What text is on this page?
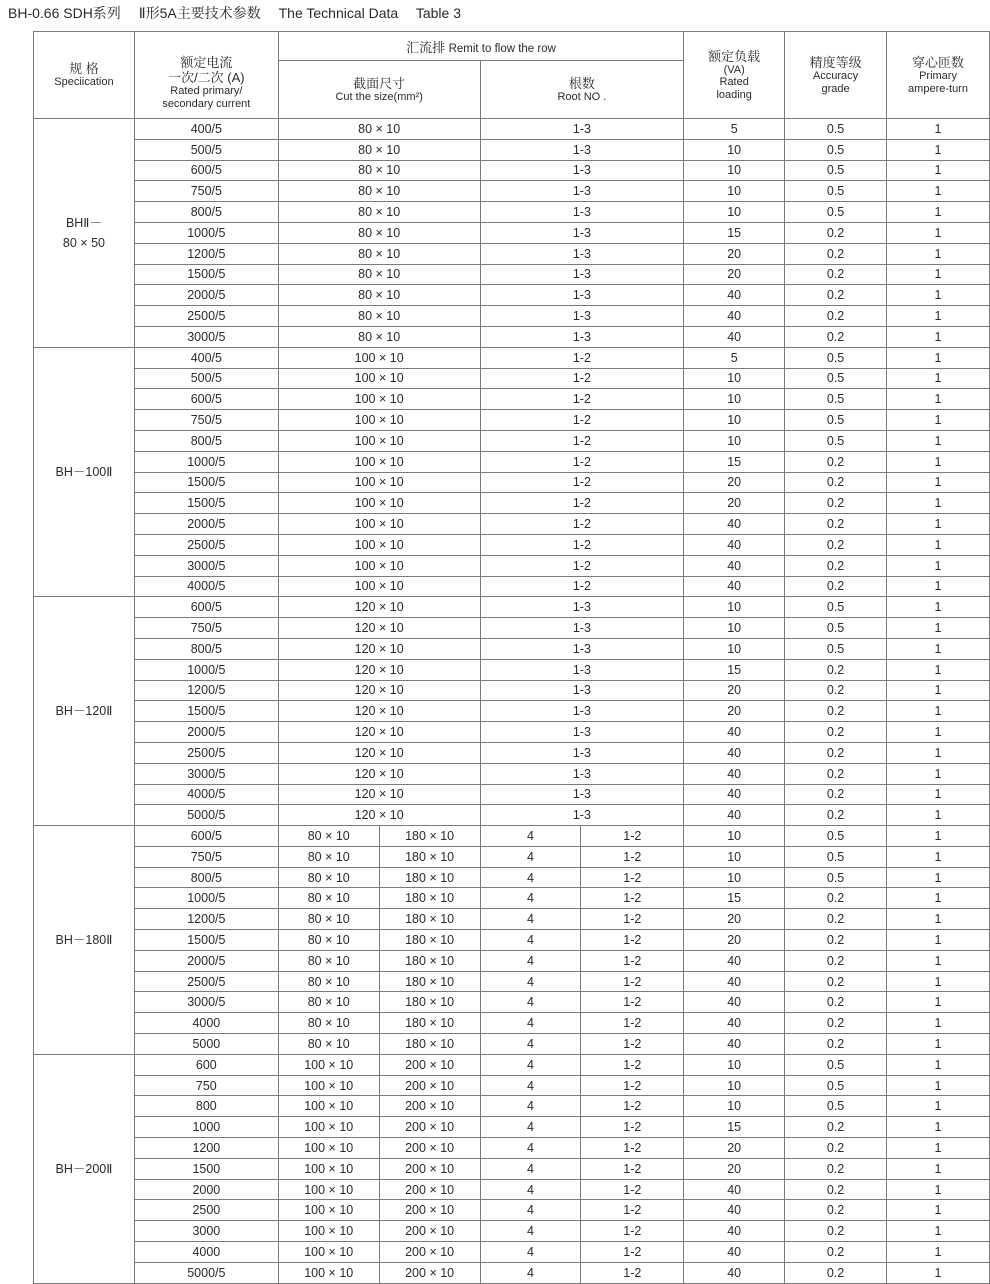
BH-0.66 SDH系列 Ⅱ形5A主要技术参数 The Technical Data Table 3
规 格
Speciication	额定电流
一次/二次 (A)
Rated primary/
secondary current	汇流排 Remit to flow the row				额定负载
(VA)
Rated
loading	精度等级
Accuracy
grade	穿心匝数
Primary
ampere-turn

		截面尺寸
Cut the size(mm²)		根数
Root NO .				

BHⅡ－
80 × 50	400/5	80 × 10		1-3		5	0.5	1
	500/5	80 × 10		1-3		10	0.5	1
	600/5	80 × 10		1-3		10	0.5	1
	750/5	80 × 10		1-3		10	0.5	1
	800/5	80 × 10		1-3		10	0.5	1
	1000/5	80 × 10		1-3		15	0.2	1
	1200/5	80 × 10		1-3		20	0.2	1
	1500/5	80 × 10		1-3		20	0.2	1
	2000/5	80 × 10		1-3		40	0.2	1
	2500/5	80 × 10		1-3		40	0.2	1
	3000/5	80 × 10		1-3		40	0.2	1
BH－100Ⅱ	400/5	100 × 10		1-2		5	0.5	1
	500/5	100 × 10		1-2		10	0.5	1
	600/5	100 × 10		1-2		10	0.5	1
	750/5	100 × 10		1-2		10	0.5	1
	800/5	100 × 10		1-2		10	0.5	1
	1000/5	100 × 10		1-2		15	0.2	1
	1500/5	100 × 10		1-2		20	0.2	1
	1500/5	100 × 10		1-2		20	0.2	1
	2000/5	100 × 10		1-2		40	0.2	1
	2500/5	100 × 10		1-2		40	0.2	1
	3000/5	100 × 10		1-2		40	0.2	1
	4000/5	100 × 10		1-2		40	0.2	1
BH－120Ⅱ	600/5	120 × 10		1-3		10	0.5	1
	750/5	120 × 10		1-3		10	0.5	1
	800/5	120 × 10		1-3		10	0.5	1
	1000/5	120 × 10		1-3		15	0.2	1
	1200/5	120 × 10		1-3		20	0.2	1
	1500/5	120 × 10		1-3		20	0.2	1
	2000/5	120 × 10		1-3		40	0.2	1
	2500/5	120 × 10		1-3		40	0.2	1
	3000/5	120 × 10		1-3		40	0.2	1
	4000/5	120 × 10		1-3		40	0.2	1
	5000/5	120 × 10		1-3		40	0.2	1
BH－180Ⅱ	600/5	80 × 10	180 × 10	4	1-2	10	0.5	1
	750/5	80 × 10	180 × 10	4	1-2	10	0.5	1
	800/5	80 × 10	180 × 10	4	1-2	10	0.5	1
	1000/5	80 × 10	180 × 10	4	1-2	15	0.2	1
	1200/5	80 × 10	180 × 10	4	1-2	20	0.2	1
	1500/5	80 × 10	180 × 10	4	1-2	20	0.2	1
	2000/5	80 × 10	180 × 10	4	1-2	40	0.2	1
	2500/5	80 × 10	180 × 10	4	1-2	40	0.2	1
	3000/5	80 × 10	180 × 10	4	1-2	40	0.2	1
	4000	80 × 10	180 × 10	4	1-2	40	0.2	1
	5000	80 × 10	180 × 10	4	1-2	40	0.2	1
BH－200Ⅱ	600	100 × 10	200 × 10	4	1-2	10	0.5	1
	750	100 × 10	200 × 10	4	1-2	10	0.5	1
	800	100 × 10	200 × 10	4	1-2	10	0.5	1
	1000	100 × 10	200 × 10	4	1-2	15	0.2	1
	1200	100 × 10	200 × 10	4	1-2	20	0.2	1
	1500	100 × 10	200 × 10	4	1-2	20	0.2	1
	2000	100 × 10	200 × 10	4	1-2	40	0.2	1
	2500	100 × 10	200 × 10	4	1-2	40	0.2	1
	3000	100 × 10	200 × 10	4	1-2	40	0.2	1
	4000	100 × 10	200 × 10	4	1-2	40	0.2	1
	5000/5	100 × 10	200 × 10	4	1-2	40	0.2	1
